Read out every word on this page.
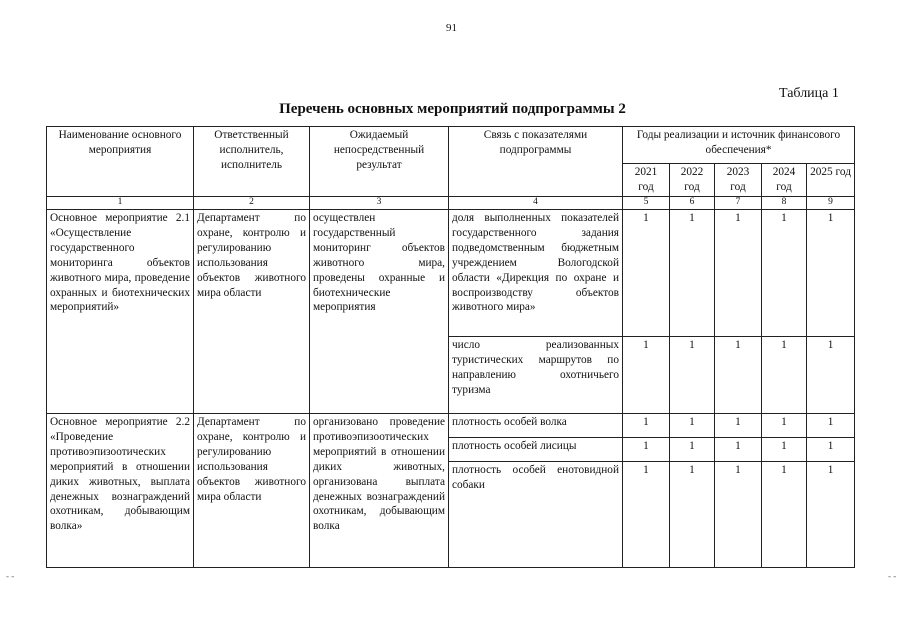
91
Таблица 1
Перечень основных мероприятий подпрограммы 2
- -	- -
Наименование основного мероприятия	Ответственный исполнитель, исполнитель	Ожидаемый непосредственный результат	Связь с показателями подпрограммы	Годы реализации и источник финансового обеспечения*				
				2021 год	2022 год	2023 год	2024 год	2025 год
1	2	3	4	5	6	7	8	9
Основное мероприятие 2.1 «Осуществление государственного мониторинга объектов животного мира, проведение охранных и биотехнических мероприятий»	Департамент по охране, контролю и регулированию использования объектов животного мира области	осуществлен государственный мониторинг объектов животного мира, проведены охранные и биотехнические мероприятия	доля выполненных показателей государственного задания подведомственным бюджетным учреждением Вологодской области «Дирекция по охране и воспроизводству объектов животного мира»	1	1	1	1	1
			число реализованных туристических маршрутов по направлению охотничьего туризма	1	1	1	1	1
Основное мероприятие 2.2 «Проведение противоэпизоотических мероприятий в отношении диких животных, выплата денежных вознаграждений охотникам, добывающим волка»	Департамент по охране, контролю и регулированию использования объектов животного мира области	организовано проведение противоэпизоотических мероприятий в отношении диких животных, организована выплата денежных вознаграждений охотникам, добывающим волка	плотность особей волка	1	1	1	1	1
			плотность особей лисицы	1	1	1	1	1
			плотность особей енотовидной собаки	1	1	1	1	1
